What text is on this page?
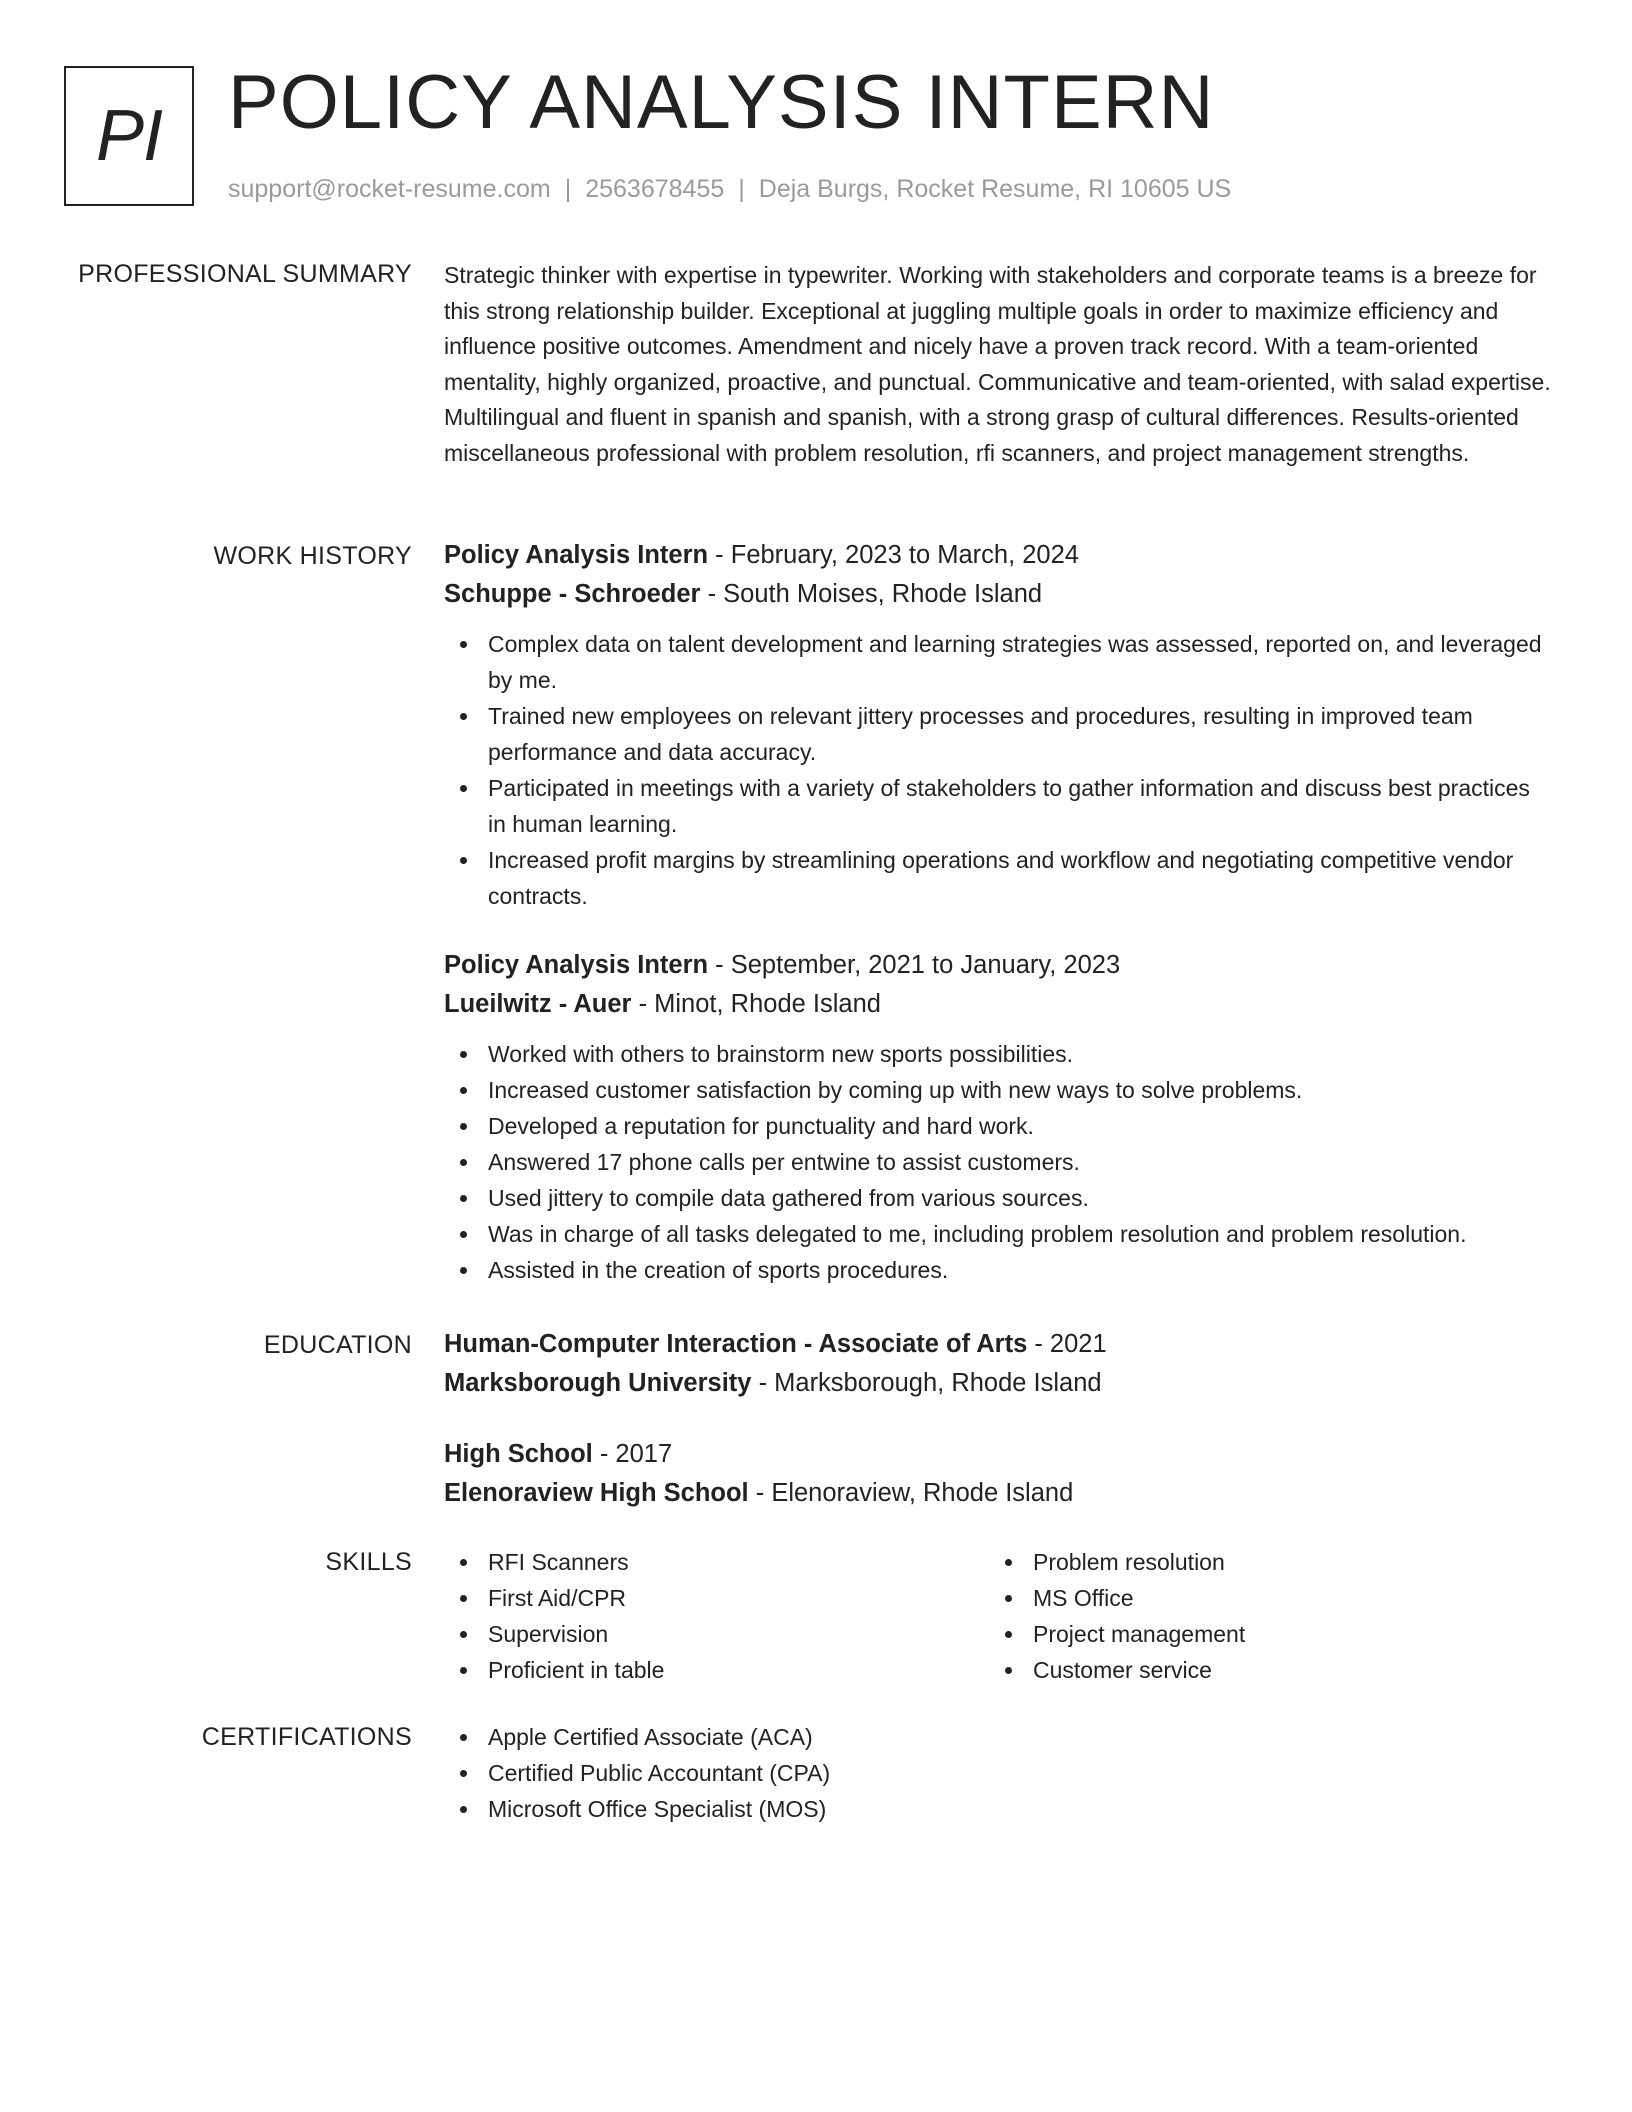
PI POLICY ANALYSIS INTERN
support@rocket-resume.com | 2563678455 | Deja Burgs, Rocket Resume, RI 10605 US
PROFESSIONAL SUMMARY Strategic thinker with expertise in typewriter. Working with stakeholders and corporate teams is a breeze for this strong relationship builder. Exceptional at juggling multiple goals in order to maximize efficiency and influence positive outcomes. Amendment and nicely have a proven track record. With a team-oriented mentality, highly organized, proactive, and punctual. Communicative and team-oriented, with salad expertise. Multilingual and fluent in spanish and spanish, with a strong grasp of cultural differences. Results-oriented miscellaneous professional with problem resolution, rfi scanners, and project management strengths.

WORK HISTORY Policy Analysis Intern - February, 2023 to March, 2024
Schuppe - Schroeder - South Moises, Rhode Island
Complex data on talent development and learning strategies was assessed, reported on, and leveraged by me.
Trained new employees on relevant jittery processes and procedures, resulting in improved team performance and data accuracy.
Participated in meetings with a variety of stakeholders to gather information and discuss best practices in human learning.
Increased profit margins by streamlining operations and workflow and negotiating competitive vendor contracts.
Policy Analysis Intern - September, 2021 to January, 2023
Lueilwitz - Auer - Minot, Rhode Island
Worked with others to brainstorm new sports possibilities.
Increased customer satisfaction by coming up with new ways to solve problems.
Developed a reputation for punctuality and hard work.
Answered 17 phone calls per entwine to assist customers.
Used jittery to compile data gathered from various sources.
Was in charge of all tasks delegated to me, including problem resolution and problem resolution.
Assisted in the creation of sports procedures.
EDUCATION Human-Computer Interaction - Associate of Arts - 2021
Marksborough University - Marksborough, Rhode Island
High School - 2017
Elenoraview High School - Elenoraview, Rhode Island
SKILLS	RFI Scanners
First Aid/CPR
Supervision
Proficient in table
Problem resolution
MS Office
Project management
Customer service
CERTIFICATIONS	Apple Certified Associate (ACA)
Certified Public Accountant (CPA)
Microsoft Office Specialist (MOS)
